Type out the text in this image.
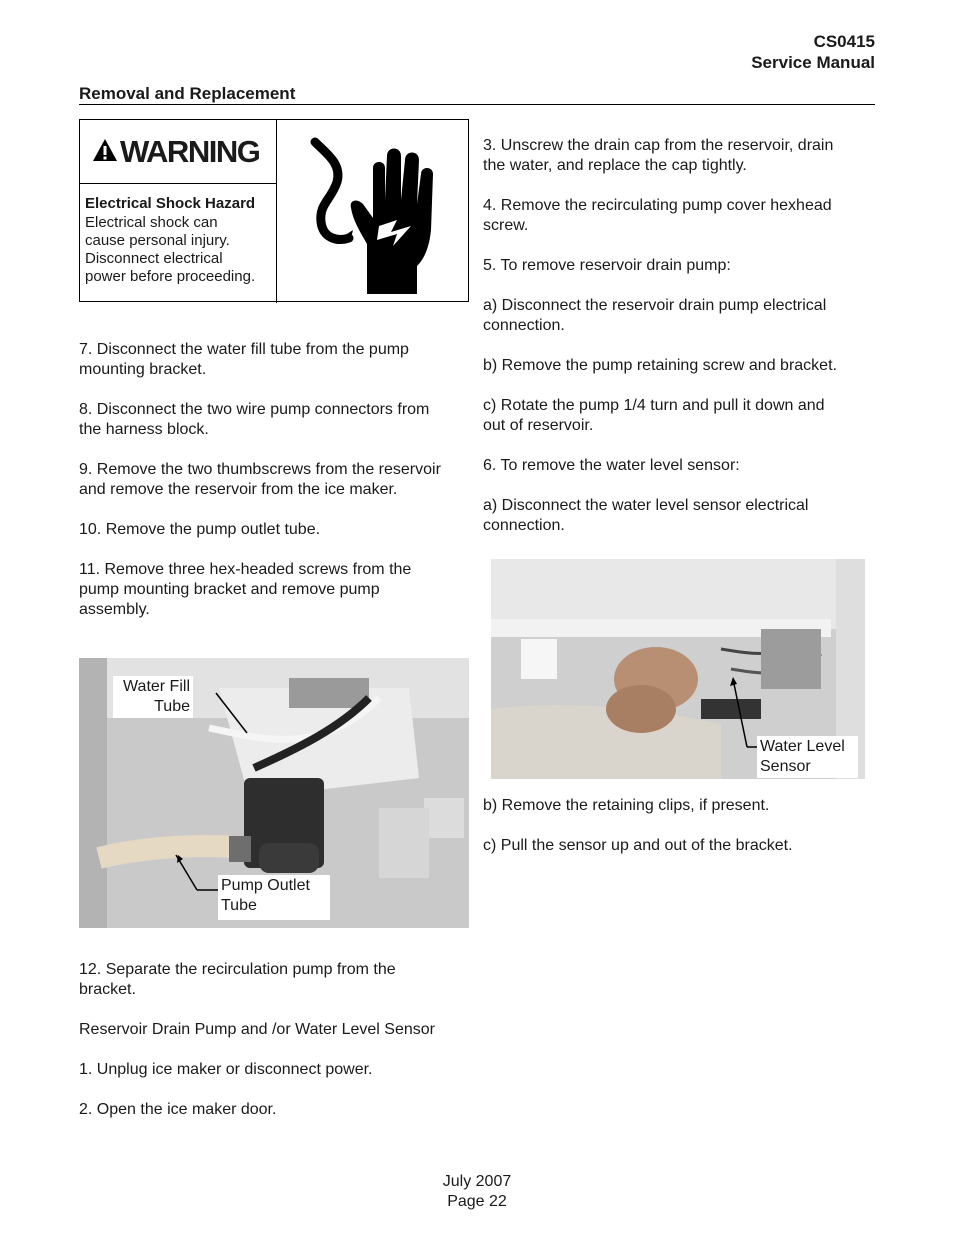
CS0415
Service Manual
Removal and Replacement
WARNING
Electrical Shock Hazard
Electrical shock can
cause personal injury.
Disconnect electrical
power before proceeding.
7. Disconnect the water fill tube from the pump
mounting bracket.
8. Disconnect the two wire pump connectors from
the harness block.
9. Remove the two thumbscrews from the reservoir
and remove the reservoir from the ice maker.
10. Remove the pump outlet tube.
11. Remove three hex-headed screws from the
pump mounting bracket and remove pump
assembly.
Water Fill
Tube
Pump Outlet
Tube
12. Separate the recirculation pump from the
bracket.
Reservoir Drain Pump and /or Water Level Sensor
1. Unplug ice maker or disconnect power.
2. Open the ice maker door.
3. Unscrew the drain cap from the reservoir, drain
the water, and replace the cap tightly.
4. Remove the recirculating pump cover hexhead
screw.
5. To remove reservoir drain pump:
a) Disconnect the reservoir drain pump electrical
connection.
b) Remove the pump retaining screw and bracket.
c) Rotate the pump 1/4 turn and pull it down and
out of reservoir.
6. To remove the water level sensor:
a) Disconnect the water level sensor electrical
connection.
Water Level
Sensor
b) Remove the retaining clips, if present.
c) Pull the sensor up and out of the bracket.
July 2007
Page 22
